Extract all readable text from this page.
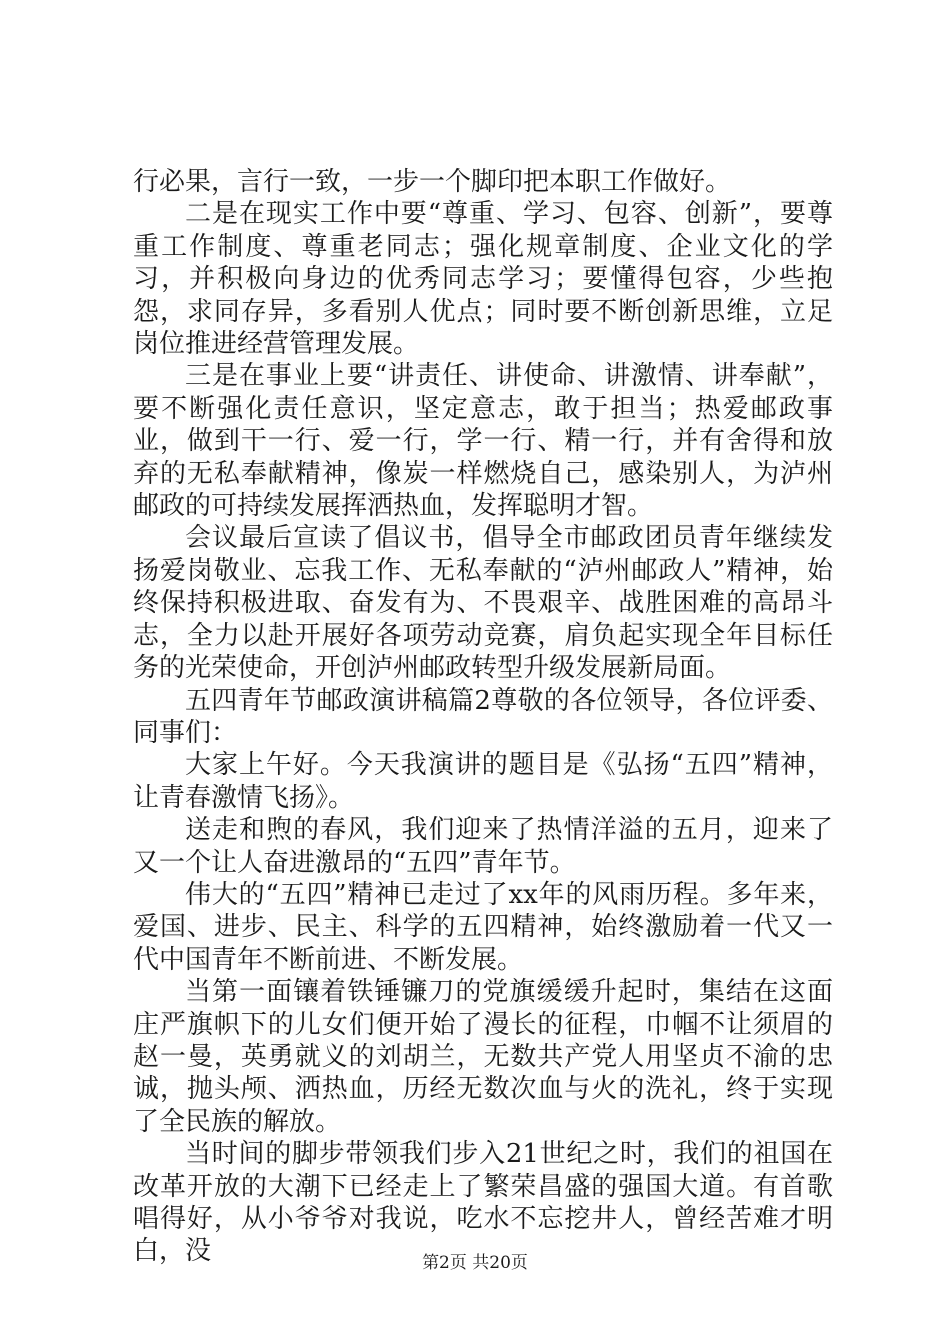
行必果，言行一致，一步一个脚印把本职工作做好。

二是在现实工作中要“尊重、学习、包容、创新”，要尊重工作制度、尊重老同志；强化规章制度、企业文化的学习，并积极向身边的优秀同志学习；要懂得包容，少些抱怨，求同存异，多看别人优点；同时要不断创新思维，立足岗位推进经营管理发展。

三是在事业上要“讲责任、讲使命、讲激情、讲奉献”，要不断强化责任意识，坚定意志，敢于担当；热爱邮政事业，做到干一行、爱一行，学一行、精一行，并有舍得和放弃的无私奉献精神，像炭一样燃烧自己，感染别人，为泸州邮政的可持续发展挥洒热血，发挥聪明才智。

会议最后宣读了倡议书，倡导全市邮政团员青年继续发扬爱岗敬业、忘我工作、无私奉献的“泸州邮政人”精神，始终保持积极进取、奋发有为、不畏艰辛、战胜困难的高昂斗志，全力以赴开展好各项劳动竞赛，肩负起实现全年目标任务的光荣使命，开创泸州邮政转型升级发展新局面。

五四青年节邮政演讲稿篇2尊敬的各位领导，各位评委、同事们：

大家上午好。今天我演讲的题目是《弘扬“五四”精神，让青春激情飞扬》。

送走和煦的春风，我们迎来了热情洋溢的五月，迎来了又一个让人奋进激昂的“五四”青年节。

伟大的“五四”精神已走过了xx年的风雨历程。多年来，爱国、进步、民主、科学的五四精神，始终激励着一代又一代中国青年不断前进、不断发展。

当第一面镶着铁锤镰刀的党旗缓缓升起时，集结在这面庄严旗帜下的儿女们便开始了漫长的征程，巾帼不让须眉的赵一曼，英勇就义的刘胡兰，无数共产党人用坚贞不渝的忠诚，抛头颅、洒热血，历经无数次血与火的洗礼，终于实现了全民族的解放。

当时间的脚步带领我们步入21世纪之时，我们的祖国在改革开放的大潮下已经走上了繁荣昌盛的强国大道。有首歌唱得好，从小爷爷对我说，吃水不忘挖井人，曾经苦难才明白，没	第2页 共20页
